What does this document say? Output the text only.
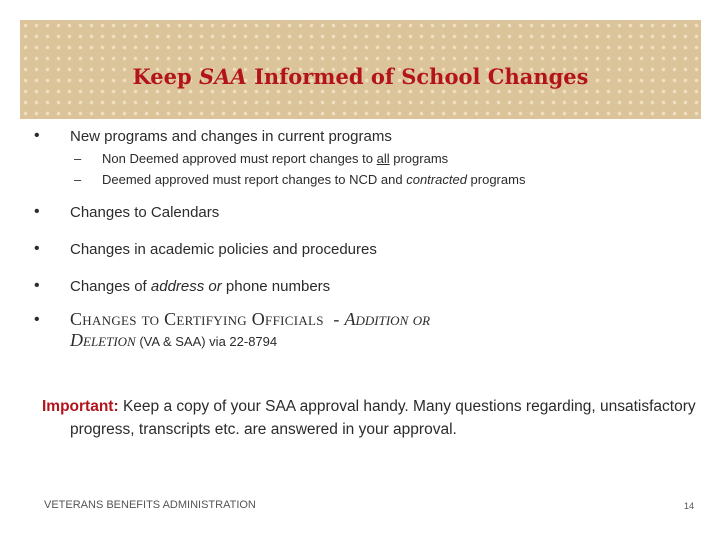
Keep SAA Informed of School Changes
• New programs and changes in current programs
– Non Deemed approved must report changes to all programs
– Deemed approved must report changes to NCD and contracted programs
• Changes to Calendars
• Changes in academic policies and procedures
• Changes of address or phone numbers
• Changes to Certifying Officials  - Addition or
Deletion (VA & SAA) via 22-8794
Important: Keep a copy of your SAA approval handy. Many questions regarding, unsatisfactory progress, transcripts etc. are answered in your approval.
VETERANS BENEFITS ADMINISTRATION	14
